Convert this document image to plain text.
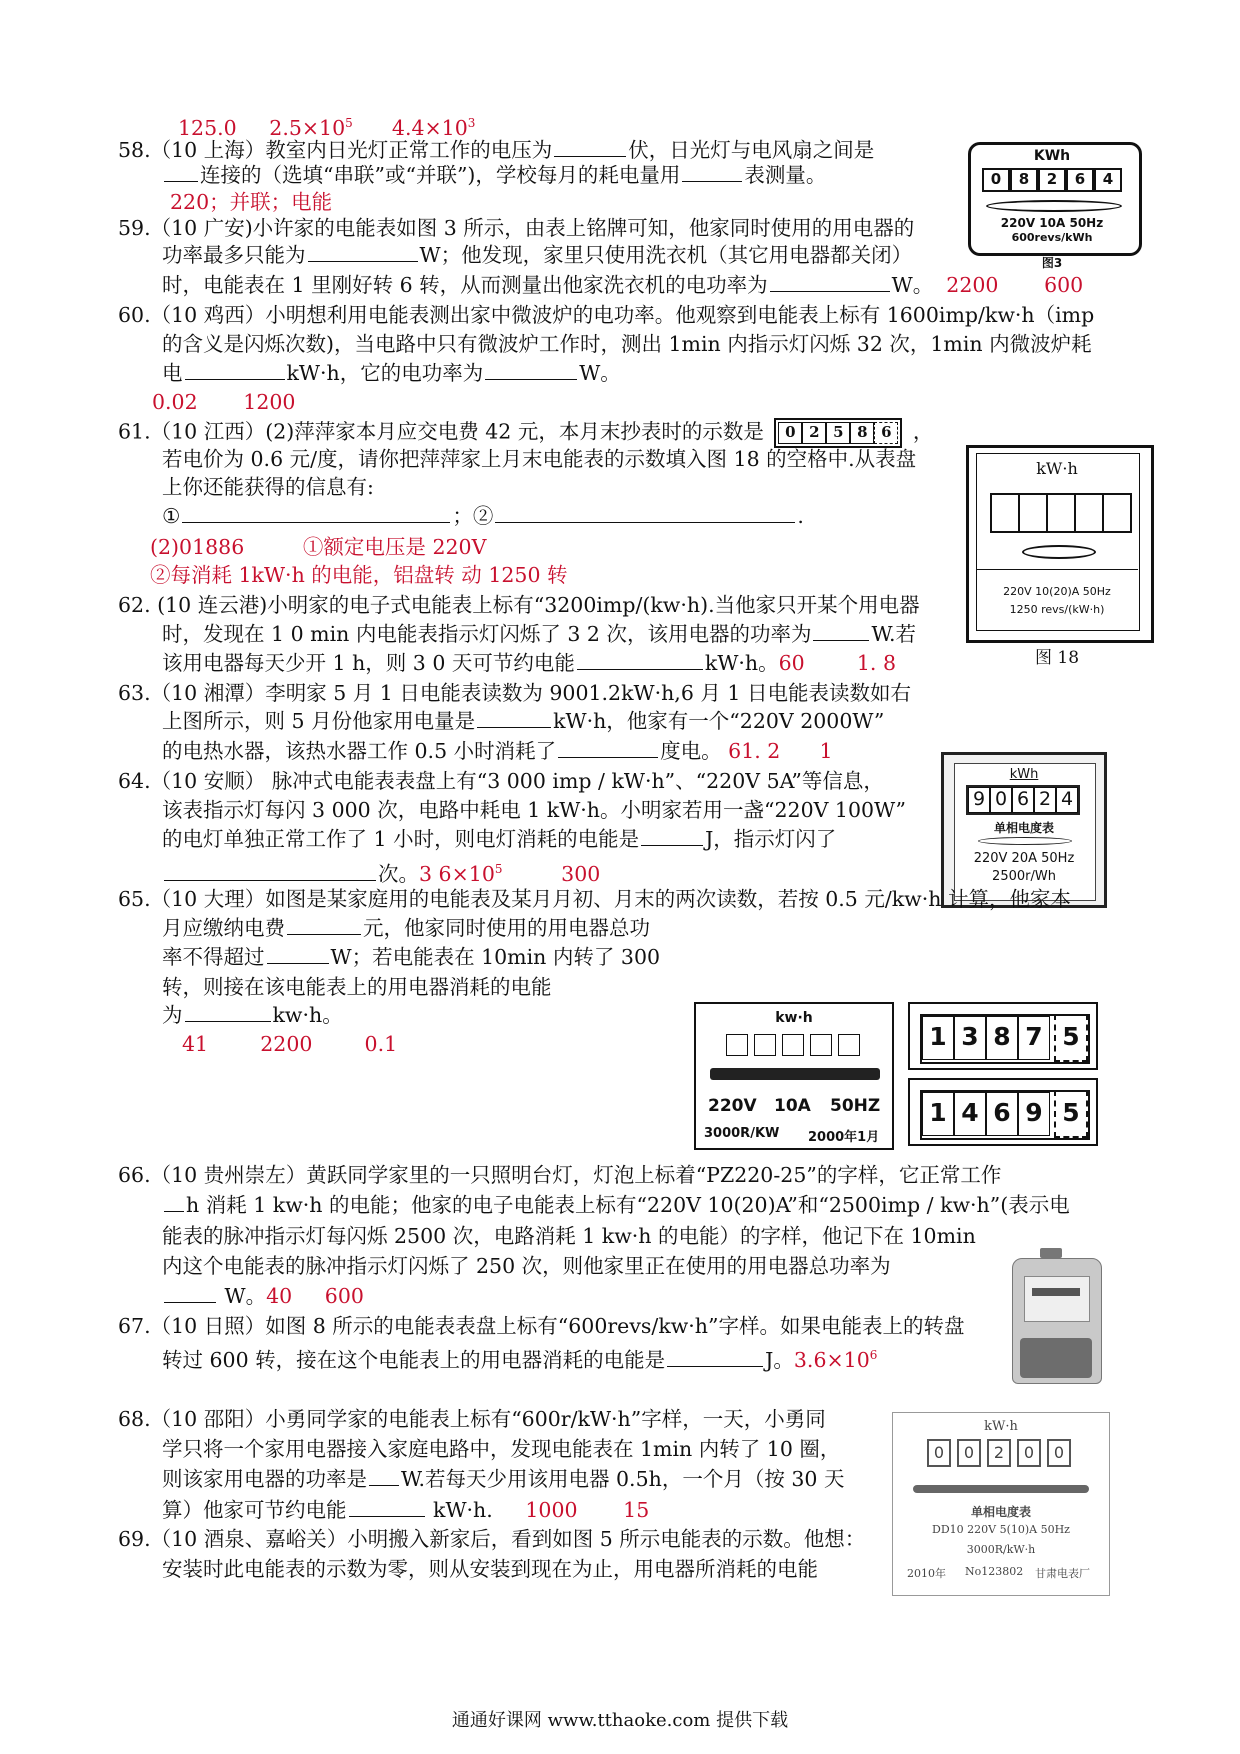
125.0 $2.5\times 10^5$ $4.4\times 10^3$
58.（10 上海）教室内日光灯正常工作的电压为	伏，日光灯与电风扇之间是
连接的（选填“串联”或“并联”)，学校每月的耗电量用	表测量。
220；并联；电能
KWh
0	8	2	6	4
220V 10A 50Hz
600revs/kWh
图3
59.（10 广安)小许家的电能表如图 3 所示，由表上铭牌可知，他家同时使用的用电器的
功率最多只能为	W；他发现，家里只使用洗衣机（其它用电器都关闭）
时，电能表在 1 里刚好转 6 转，从而测量出他家洗衣机的电功率为	W。 2200 600
60.（10 鸡西）小明想利用电能表测出家中微波炉的电功率。他观察到电能表上标有 1600imp/kw·h（imp
的含义是闪烁次数)，当电路中只有微波炉工作时，测出 1min 内指示灯闪烁 32 次，1min 内微波炉耗
电	kW·h，它的电功率为	W。
0.02 1200
61.（10 江西）(2)萍萍家本月应交电费 42 元，本月末抄表时的示数是	0 2 5 8 6	，
若电价为 0.6 元/度，请你把萍萍家上月末电能表的示数填入图 18 的空格中.从表盘
上你还能获得的信息有:
①	；②	.
(2)01886	①额定电压是 220V
②每消耗 1kW·h 的电能，铝盘转 动 1250 转
kW·h
220V 10(20)A 50Hz
1250 revs/(kW·h)
图 18
62. (10 连云港)小明家的电子式电能表上标有“3200imp/(kw·h).当他家只开某个用电器
时，发现在 1 0 min 内电能表指示灯闪烁了 3 2 次，该用电器的功率为	W.若
该用电器每天少开 1 h，则 3 0 天可节约电能	kW·h。60	1. 8
63.（10 湘潭）李明家 5 月 1 日电能表读数为 9001.2kW·h,6 月 1 日电能表读数如右
上图所示，则 5 月份他家用电量是	kW·h，他家有一个“220V 2000W”
的电热水器，该热水器工作 0.5 小时消耗了	度电。 61. 2 1
kWh
9 0 6 2 4
单相电度表
220V 20A 50Hz
2500r/Wh
64.（10 安顺） 脉冲式电能表表盘上有“3 000 imp / kW·h”、“220V 5A”等信息，
该表指示灯每闪 3 000 次，电路中耗电 1 kW·h。小明家若用一盏“220V 100W”
的电灯单独正常工作了 1 小时，则电灯消耗的电能是	J，指示灯闪了
次。3 $6\times 10^5$	300
65.（10 大理）如图是某家庭用的电能表及某月月初、月末的两次读数，若按 0.5 元/kw·h 计算，他家本
月应缴纳电费	元，他家同时使用的用电器总功
率不得超过	W；若电能表在 10min 内转了 300
转，则接在该电能表上的用电器消耗的电能
为	kw·h。
41	2200	0.1
kw·h
220V 10A 50HZ
3000R/KW 2000年1月
1 3 8 7 5
1 4 6 9 5
66.（10 贵州崇左）黄跃同学家里的一只照明台灯，灯泡上标着“PZ220-25”的字样，它正常工作
h 消耗 1 kw·h 的电能；他家的电子电能表上标有“220V 10(20)A”和“2500imp / kw·h”(表示电
能表的脉冲指示灯每闪烁 2500 次，电路消耗 1 kw·h 的电能）的字样，他记下在 10min
内这个电能表的脉冲指示灯闪烁了 250 次，则他家里正在使用的用电器总功率为
W。40 600
67.（10 日照）如图 8 所示的电能表表盘上标有“600revs/kw·h”字样。如果电能表上的转盘
转过 600 转，接在这个电能表上的用电器消耗的电能是	J。$3.6\times 10^6$
68.（10 邵阳）小勇同学家的电能表上标有“600r/kW·h”字样，一天，小勇同
学只将一个家用电器接入家庭电路中，发现电能表在 1min 内转了 10 圈，
则该家用电器的功率是 W.若每天少用该用电器 0.5h，一个月（按 30 天
算）他家可节约电能	kW·h. 1000 15
kW·h
0	0	2	0	0
单相电度表
DD10 220V 5(10)A 50Hz
3000R/kW·h
2010年 No123802 甘肃电表厂
69.（10 酒泉、嘉峪关）小明搬入新家后，看到如图 5 所示电能表的示数。他想：
安装时此电能表的示数为零，则从安装到现在为止，用电器所消耗的电能
通通好课网 www.tthaoke.com 提供下载
